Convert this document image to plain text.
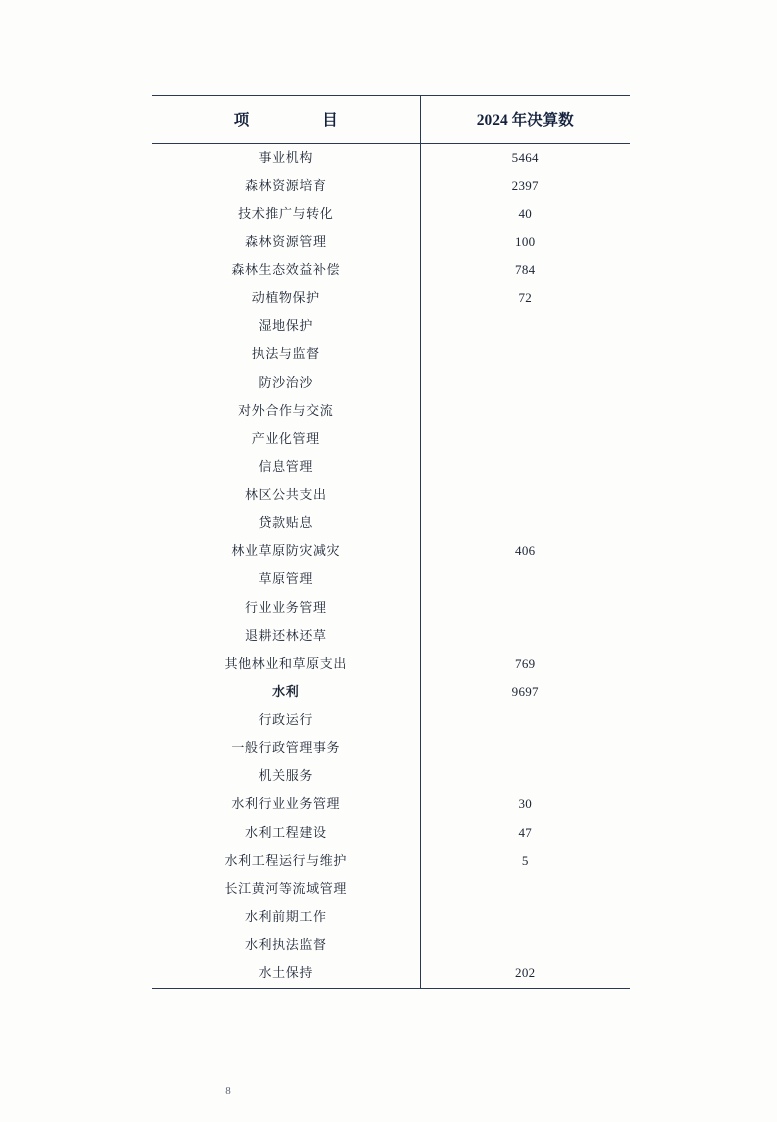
项　　目	2024 年决算数
事业机构	5464
森林资源培育	2397
技术推广与转化	40
森林资源管理	100
森林生态效益补偿	784
动植物保护	72
湿地保护	
执法与监督	
防沙治沙	
对外合作与交流	
产业化管理	
信息管理	
林区公共支出	
贷款贴息	
林业草原防灾减灾	406
草原管理	
行业业务管理	
退耕还林还草	
其他林业和草原支出	769
水利	9697
行政运行	
一般行政管理事务	
机关服务	
水利行业业务管理	30
水利工程建设	47
水利工程运行与维护	5
长江黄河等流域管理	
水利前期工作	
水利执法监督	
水土保持	202
8
